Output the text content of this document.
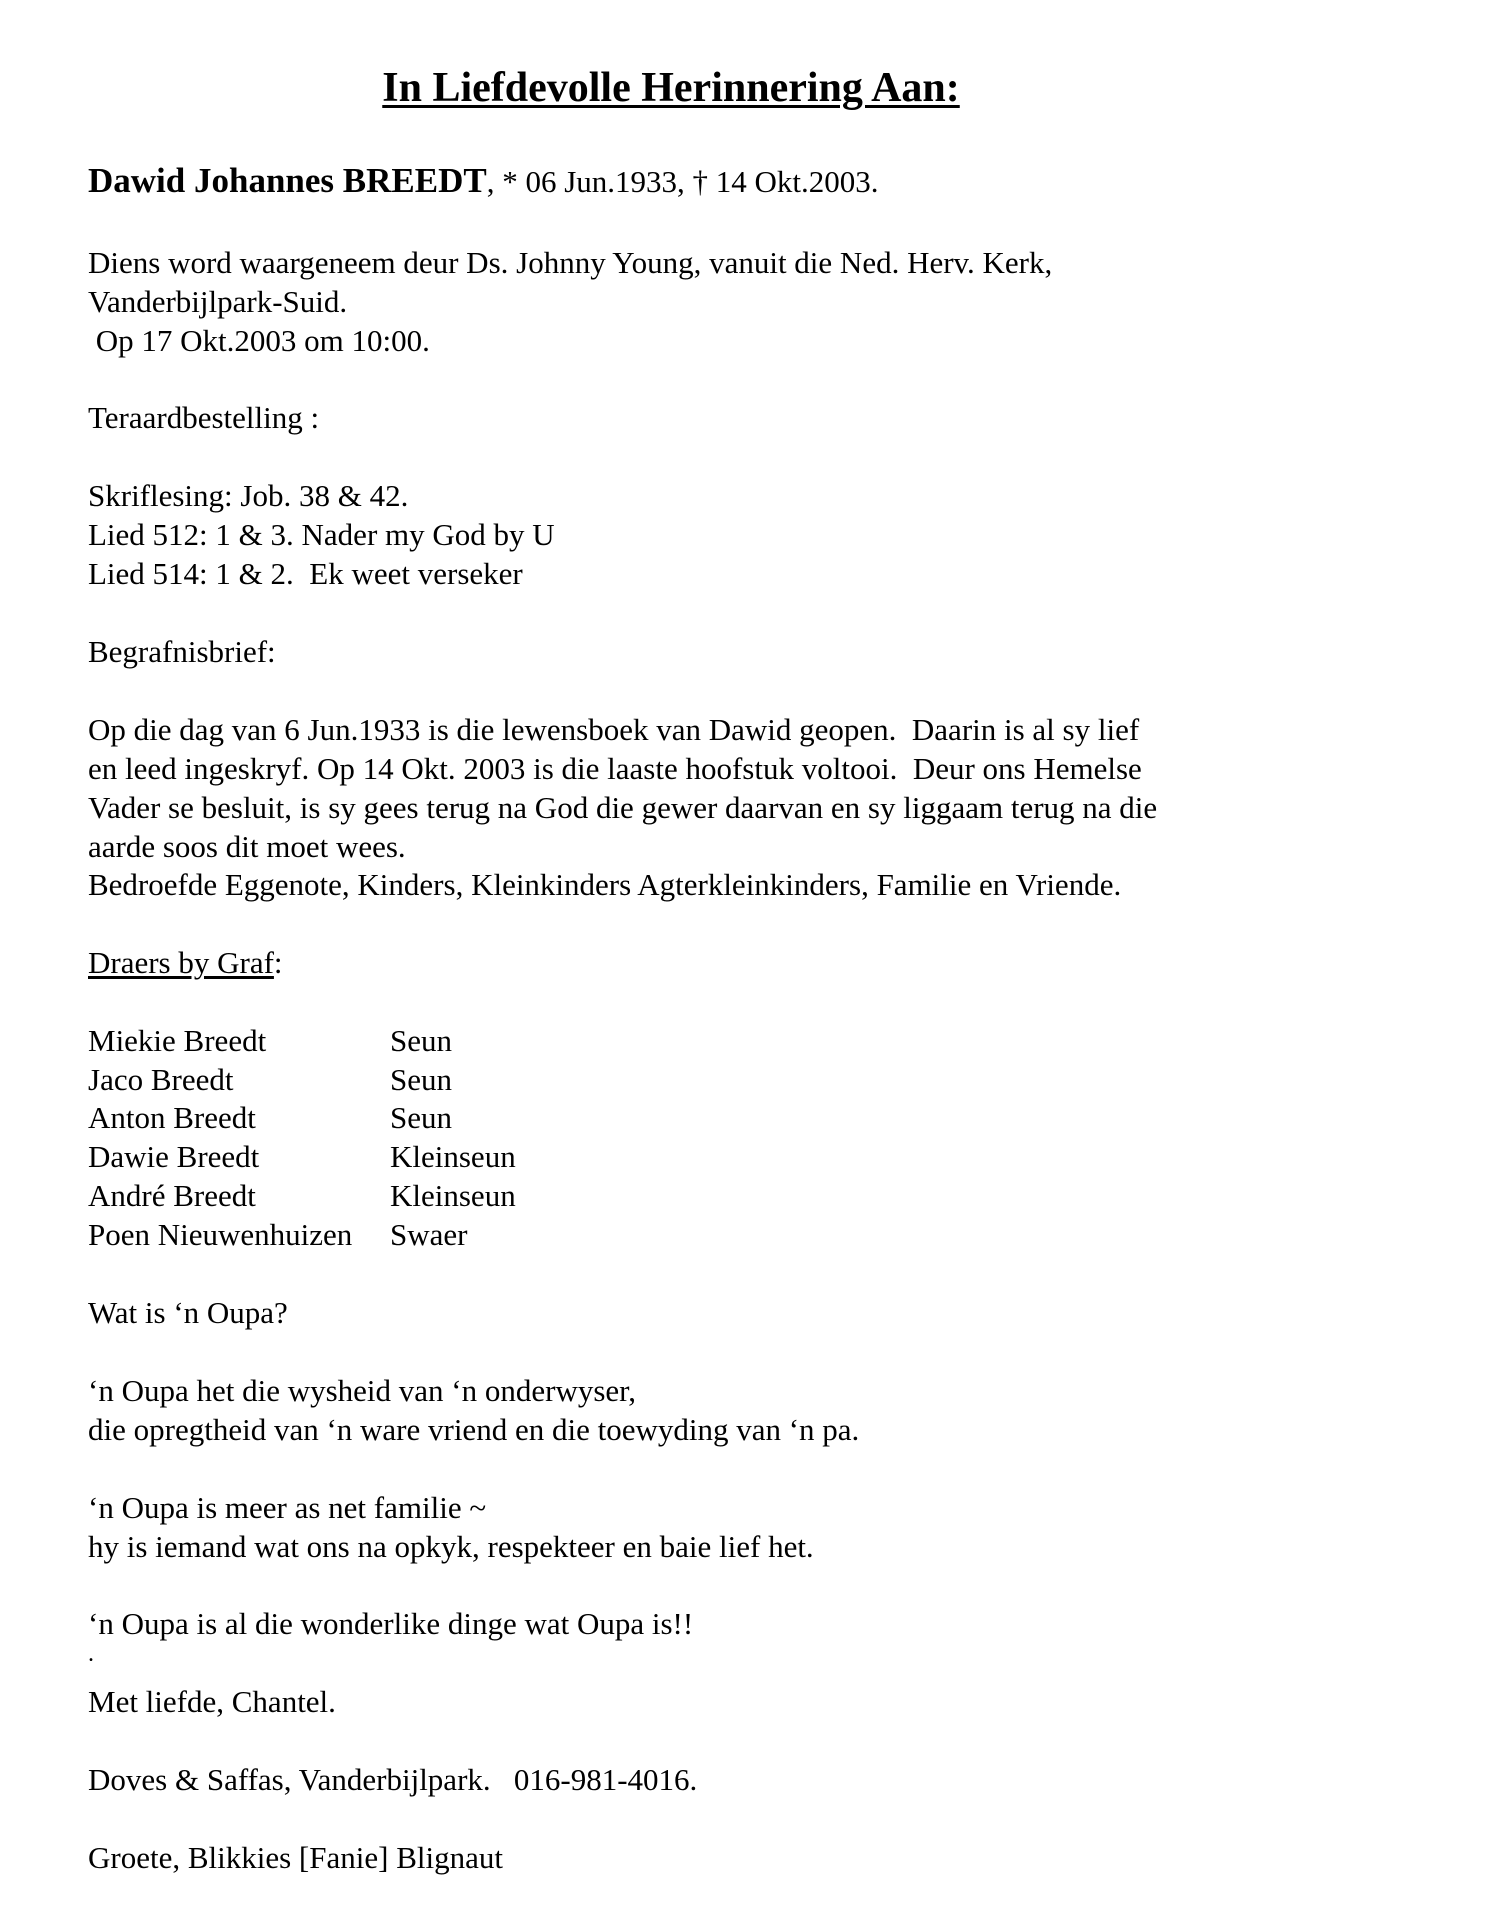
In Liefdevolle Herinnering Aan:
Dawid Johannes BREEDT, * 06 Jun.1933, † 14 Okt.2003.
Diens word waargeneem deur Ds. Johnny Young, vanuit die Ned. Herv. Kerk,
Vanderbijlpark-Suid.
Op 17 Okt.2003 om 10:00.
Teraardbestelling :
Skriflesing: Job. 38 & 42.
Lied 512: 1 & 3. Nader my God by U
Lied 514: 1 & 2.  Ek weet verseker
Begrafnisbrief:
Op die dag van 6 Jun.1933 is die lewensboek van Dawid geopen.  Daarin is al sy lief
en leed ingeskryf. Op 14 Okt. 2003 is die laaste hoofstuk voltooi.  Deur ons Hemelse
Vader se besluit, is sy gees terug na God die gewer daarvan en sy liggaam terug na die
aarde soos dit moet wees.
Bedroefde Eggenote, Kinders, Kleinkinders Agterkleinkinders, Familie en Vriende.
Draers by Graf:
Miekie Breedt	Seun
Jaco Breedt	Seun
Anton Breedt	Seun
Dawie Breedt	Kleinseun
André Breedt	Kleinseun
Poen Nieuwenhuizen Swaer
Wat is ‘n Oupa?
‘n Oupa het die wysheid van ‘n onderwyser,
die opregtheid van ‘n ware vriend en die toewyding van ‘n pa.
‘n Oupa is meer as net familie ~
hy is iemand wat ons na opkyk, respekteer en baie lief het.
‘n Oupa is al die wonderlike dinge wat Oupa is!!
.
Met liefde, Chantel.
Doves & Saffas, Vanderbijlpark.   016-981-4016.
Groete, Blikkies [Fanie] Blignaut
